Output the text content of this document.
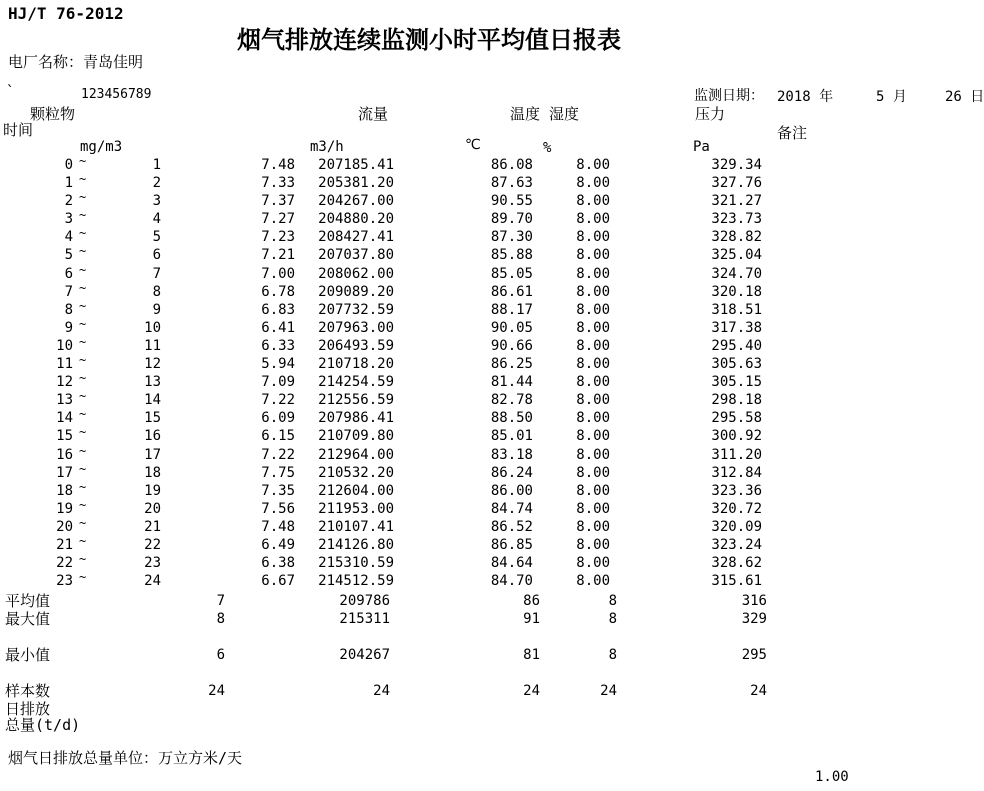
HJ/T 76-2012
烟气排放连续监测小时平均值日报表
电厂名称：青岛佳明
`	123456789	监测日期： 2018 年	5 月	26 日
颗粒物	流量	温度 湿度	压力
时间	备注
mg/m3	m3/h	℃	%	Pa
0 ~	1	7.48	207185.41	86.08	8.00	329.34
1 ~	2	7.33	205381.20	87.63	8.00	327.76
2 ~	3	7.37	204267.00	90.55	8.00	321.27
3 ~	4	7.27	204880.20	89.70	8.00	323.73
4 ~	5	7.23	208427.41	87.30	8.00	328.82
5 ~	6	7.21	207037.80	85.88	8.00	325.04
6 ~	7	7.00	208062.00	85.05	8.00	324.70
7 ~	8	6.78	209089.20	86.61	8.00	320.18
8 ~	9	6.83	207732.59	88.17	8.00	318.51
9 ~	10	6.41	207963.00	90.05	8.00	317.38
10 ~	11	6.33	206493.59	90.66	8.00	295.40
11 ~	12	5.94	210718.20	86.25	8.00	305.63
12 ~	13	7.09	214254.59	81.44	8.00	305.15
13 ~	14	7.22	212556.59	82.78	8.00	298.18
14 ~	15	6.09	207986.41	88.50	8.00	295.58
15 ~	16	6.15	210709.80	85.01	8.00	300.92
16 ~	17	7.22	212964.00	83.18	8.00	311.20
17 ~	18	7.75	210532.20	86.24	8.00	312.84
18 ~	19	7.35	212604.00	86.00	8.00	323.36
19 ~	20	7.56	211953.00	84.74	8.00	320.72
20 ~	21	7.48	210107.41	86.52	8.00	320.09
21 ~	22	6.49	214126.80	86.85	8.00	323.24
22 ~	23	6.38	215310.59	84.64	8.00	328.62
23 ~	24	6.67	214512.59	84.70	8.00	315.61
平均值	7	209786	86	8	316
最大值	8	215311	91	8	329
最小值	6	204267	81	8	295
样本数	24	24	24	24	24
日排放
总量(t/d)
烟气日排放总量单位：万立方米/天
1.00
